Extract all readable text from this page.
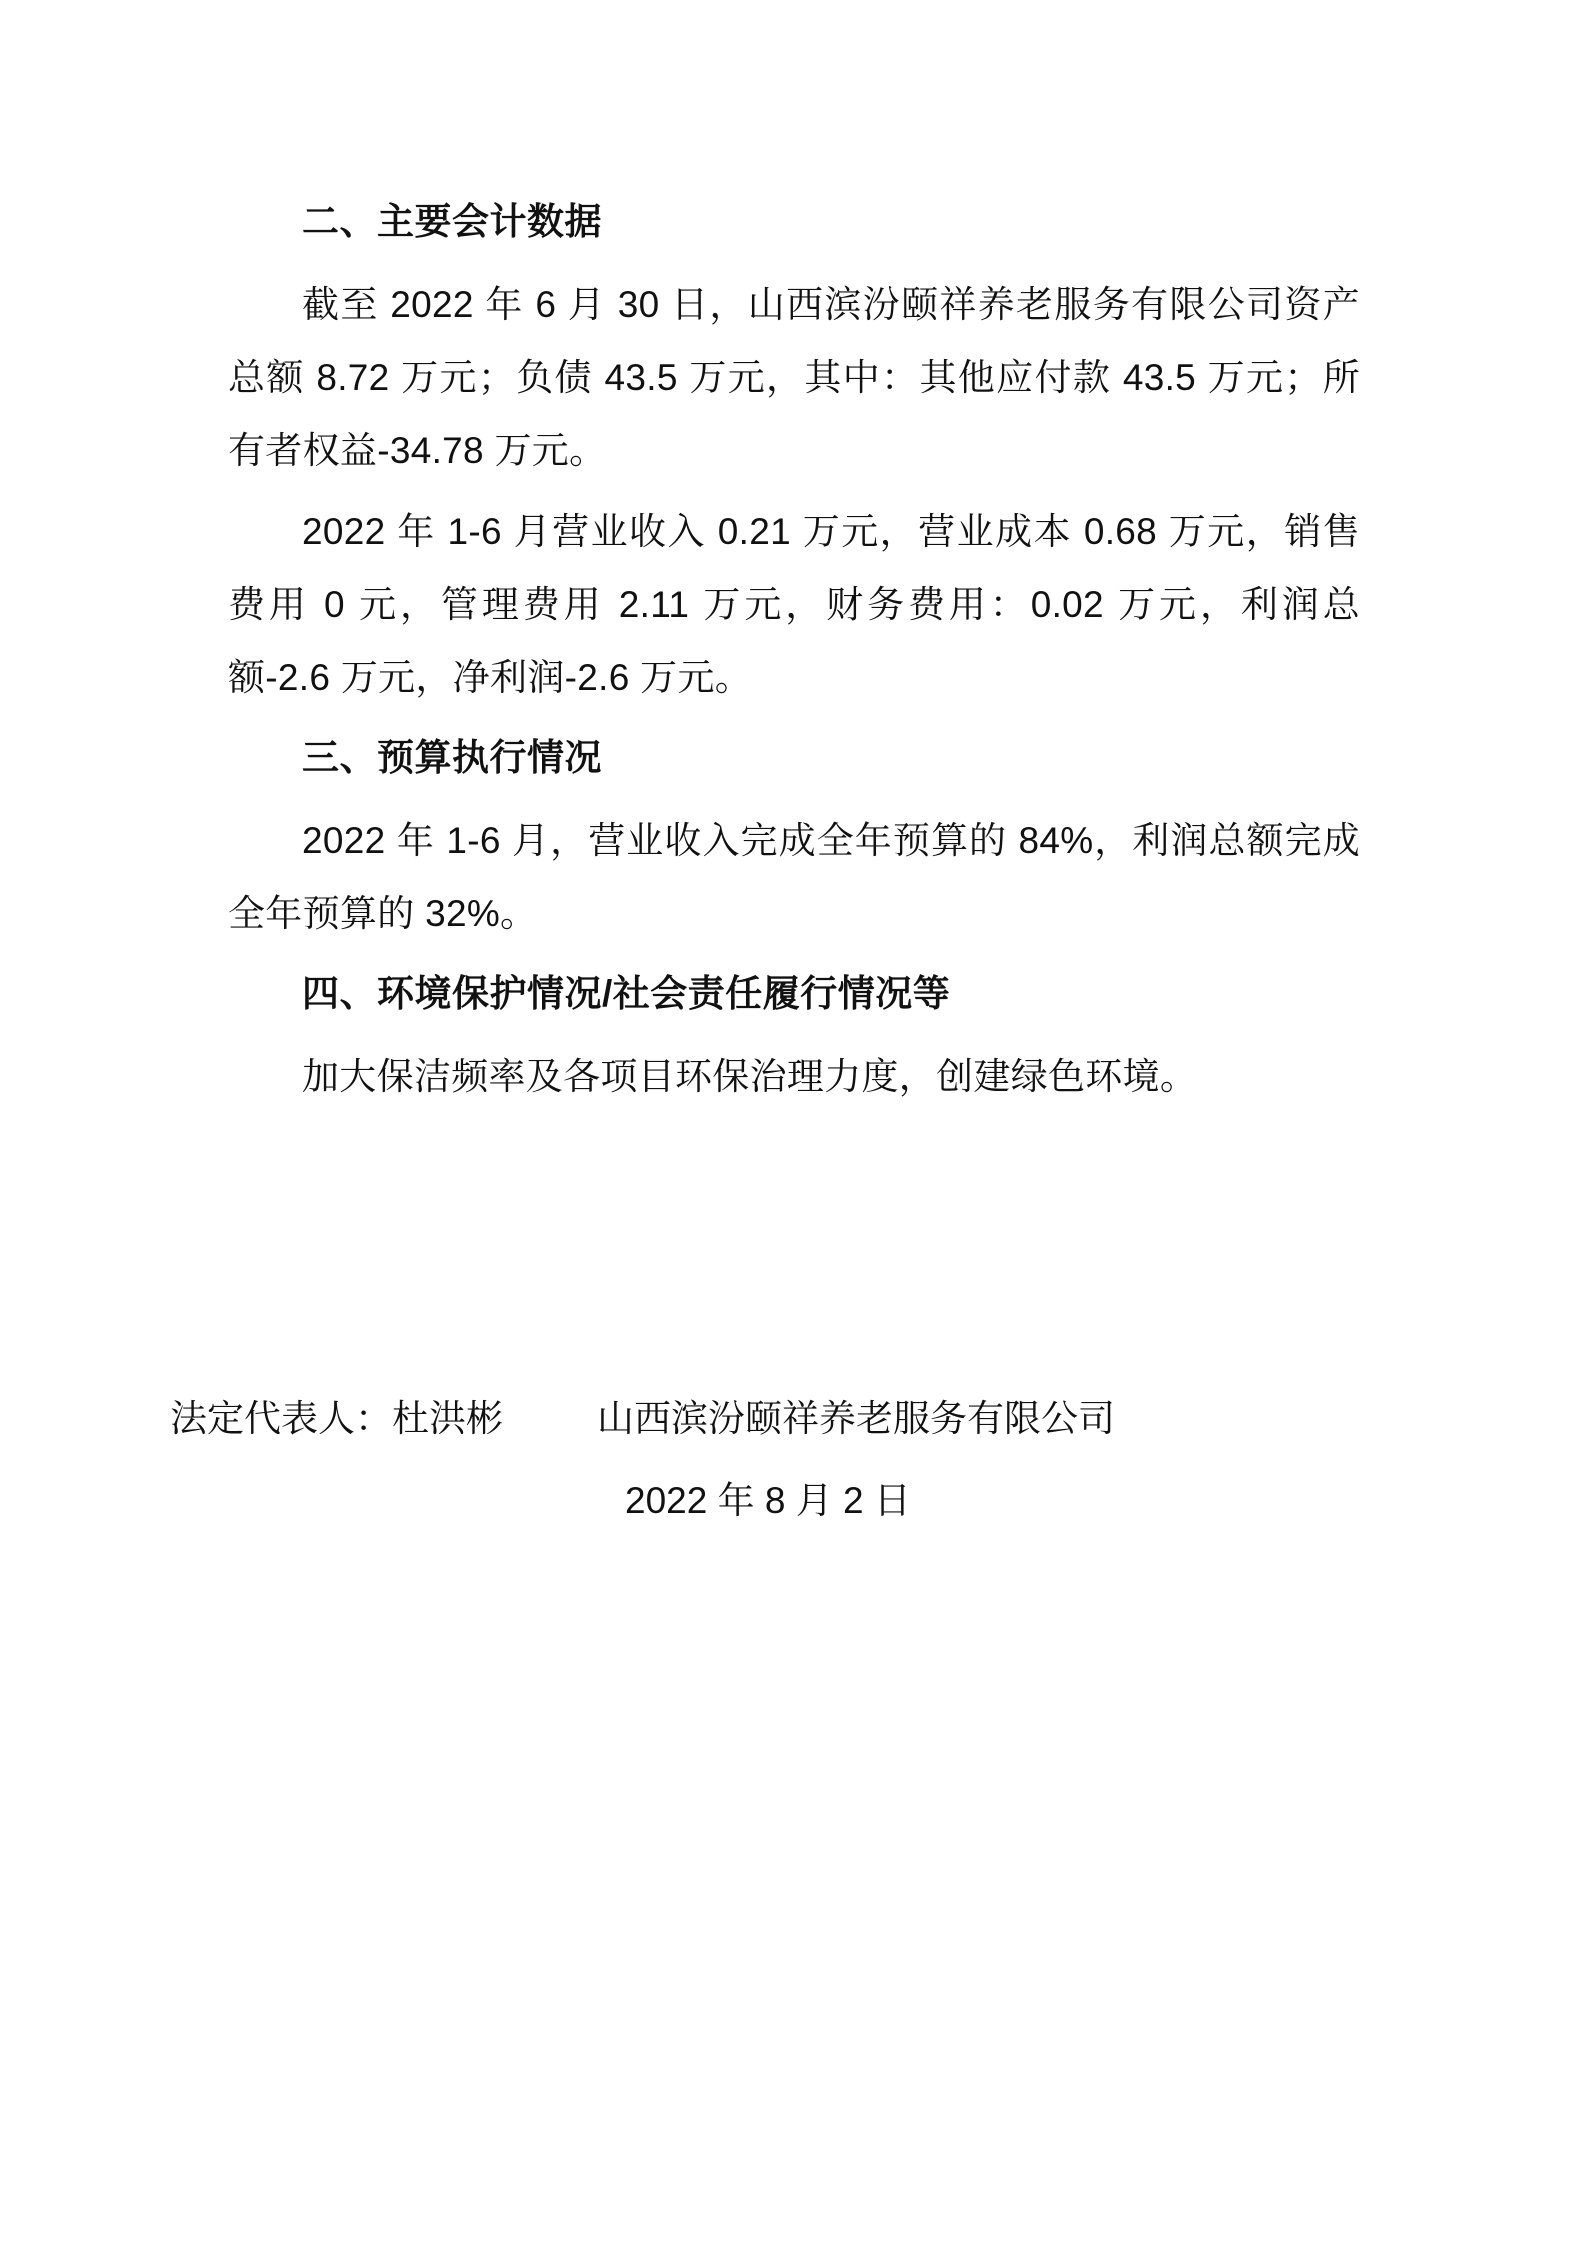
二、主要会计数据

截至 2022 年 6 月 30 日，山西滨汾颐祥养老服务有限公司资产总额 8.72 万元；负债 43.5 万元，其中：其他应付款 43.5 万元；所有者权益-34.78 万元。

2022 年 1-6 月营业收入 0.21 万元，营业成本 0.68 万元，销售费用 0 元，管理费用 2.11 万元，财务费用：0.02 万元，利润总额-2.6 万元，净利润-2.6 万元。

三、预算执行情况

2022 年 1-6 月，营业收入完成全年预算的 84%，利润总额完成全年预算的 32%。

四、环境保护情况/社会责任履行情况等

加大保洁频率及各项目环保治理力度，创建绿色环境。

法定代表人：杜洪彬	山西滨汾颐祥养老服务有限公司
2022 年 8 月 2 日
